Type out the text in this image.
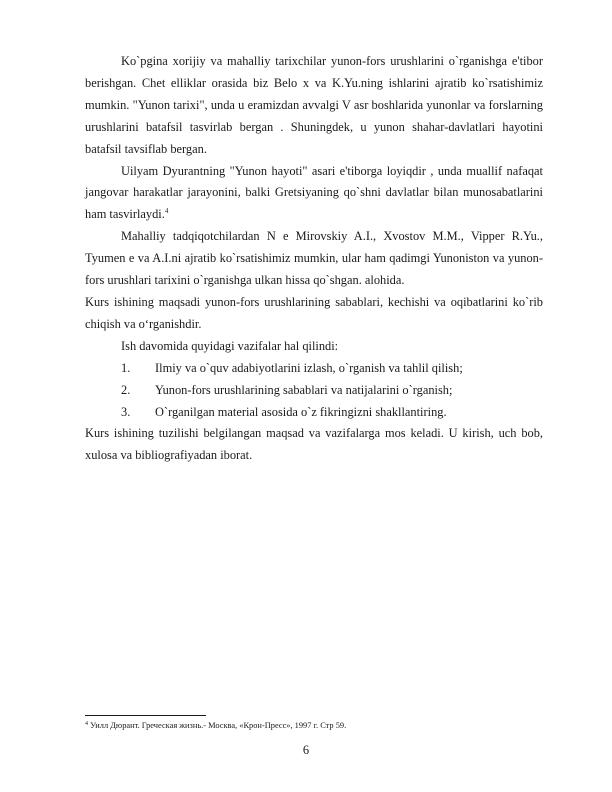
Ko`pgina xorijiy va mahalliy tarixchilar yunon-fors urushlarini o`rganishga e'tibor berishgan. Chet elliklar orasida biz Belo x va K.Yu.ning ishlarini ajratib ko`rsatishimiz mumkin. "Yunon tarixi", unda u eramizdan avvalgi V asr boshlarida yunonlar va forslarning urushlarini batafsil tasvirlab bergan . Shuningdek, u yunon shahar-davlatlari hayotini batafsil tavsiflab bergan.

Uilyam Dyurantning "Yunon hayoti" asari e'tiborga loyiqdir , unda muallif nafaqat jangovar harakatlar jarayonini, balki Gretsiyaning qo`shni davlatlar bilan munosabatlarini ham tasvirlaydi.$^4$

Mahalliy tadqiqotchilardan N e Mirovskiy A.I., Xvostov M.M., Vipper R.Yu., Tyumen e va A.I.ni ajratib ko`rsatishimiz mumkin, ular ham qadimgi Yunoniston va yunon-fors urushlari tarixini o`rganishga ulkan hissa qo`shgan. alohida.

Kurs ishining maqsadi yunon-fors urushlarining sabablari, kechishi va oqibatlarini ko`rib chiqish va o‘rganishdir.

Ish davomida quyidagi vazifalar hal qilindi:

1. Ilmiy va o`quv adabiyotlarini izlash, o`rganish va tahlil qilish;

2. Yunon-fors urushlarining sabablari va natijalarini o`rganish;

3. O`rganilgan material asosida o`z fikringizni shakllantiring.

Kurs ishining tuzilishi belgilangan maqsad va vazifalarga mos keladi. U kirish, uch bob, xulosa va bibliografiyadan iborat.

$^4$ Уилл Дюрант. Греческая жизнь.- Москва, «Крон-Пресс», 1997 г. Стр 59.
6
